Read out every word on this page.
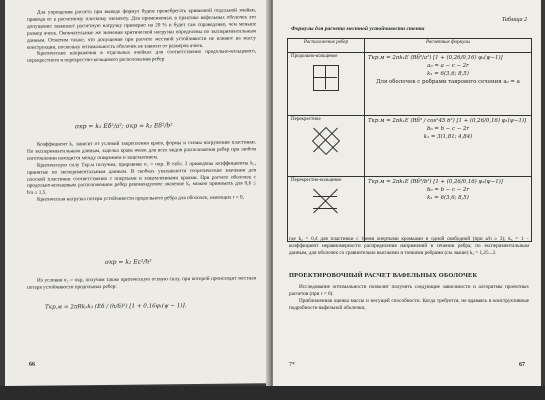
Для упрощения расчета при выводе формул будем пренебрегать кривизной отдельной ячейки, приводя ее к расчетному плоскому элементу. Для применяемых в практике вафельных оболочек это допущение завышает расчетную нагрузку примерно на 20 % и будет там справедливо, чем меньше размер ячеек. Окончательные же значения критической нагрузки определены по экспериментальным данным. Отметим также, что допущения при расчете местной устойчивости не влияют на массу конструкции, поскольку оптимальность оболочек не зависит от размеров ячеек.

Критические напряжения в отдельных ячейках для соответственно продольно-кольцевого, перекрестного и перекрестно-кольцевого расположения ребер

σкр = k₁ Eδ²/a²; σкр = k₂ Eδ²/b²

Коэффициент k₁ зависит от условий закрепления краев, формы и схемы нагружения пластинки. По экспериментальным данным, заделка краев ячеек для всех видов расположения ребер при любом изготовлении находится между опиранием и защемлением.

Критическую силу Tкр.м получим, приравняв σ₁ = σкр. В табл. 2 приведены коэффициенты k₁, принятые по экспериментальным данным. В скобках указываются теоретические значения для плоской пластинки соответственно с опертыми и защемленными краями. При расчете оболочек с продольно-кольцевым расположением ребер рекомендуемое значение k₁ можно принимать для 0,6 ≤ b/a ≤ 1,5.

Критическая нагрузка потери устойчивости продольного ребра для оболочек, имеющих r = 0,

σкр = k₂ Eε²/h²

Из условия σ₂ = σкр, получим также критическую осевую силу, при которой происходит местная потеря устойчивости продольных ребер:

Tкр.м = 2πRk₂k₃ (Eδ / (h/δ)²) [1 + 0,16φ₁(ψ − 1)].
66
Таблица 2
Формулы для расчета местной устойчивости стенки
Расположение ребер	Расчетные формулы

Продольно-кольцевое	Tкр.м = 2πk₁E (Rδ³/a²) [1 + (0,26/0,16) φ₁(ψ−1)]
a₀ = a − c − 2r
k₁ = 6(3,6; 8,5)
Для оболочек с ребрами таврового сечения a₀ = a

Перекрестное	Tкр.м = 2πk₁E (Rδ³ / cos²45 b²) [1 + (0,26/0,16) φ₁(ψ−1)]
b₀ = b − c − 2r
k₁ = 3(1,81; 4,84)

Перекрестно-кольцевое	Tкр.м = 2πk₁E (Rδ³/b²) [1 + (0,26/0,16) φ₁(ψ−1)]
b₀ = b − c − 2r
k₁ = 6(3,6; 8,5)

где k₂ = 0,4 для пластинки с тремя опертыми кромками и одной свободной (при a/h ≥ 3); k₃ = 1 − коэффициент неравномерности распределения напряжений в сечении ребра; по экспериментальным данным, для оболочек со сравнительно высокими и тонкими ребрами (см. выше) k₃ = 1,25...2.

ПРОЕКТИРОВОЧНЫЙ РАСЧЕТ ВАФЕЛЬНЫХ ОБОЛОЧЕК

Исследование оптимальности позволит получить следующие зависимости и алгоритмы проектных расчетов (при r = 0).

Приближенная оценка массы и несущей способности. Когда требуется, не вдаваясь в конструктивные подробности вафельной оболочки,

7*	67
